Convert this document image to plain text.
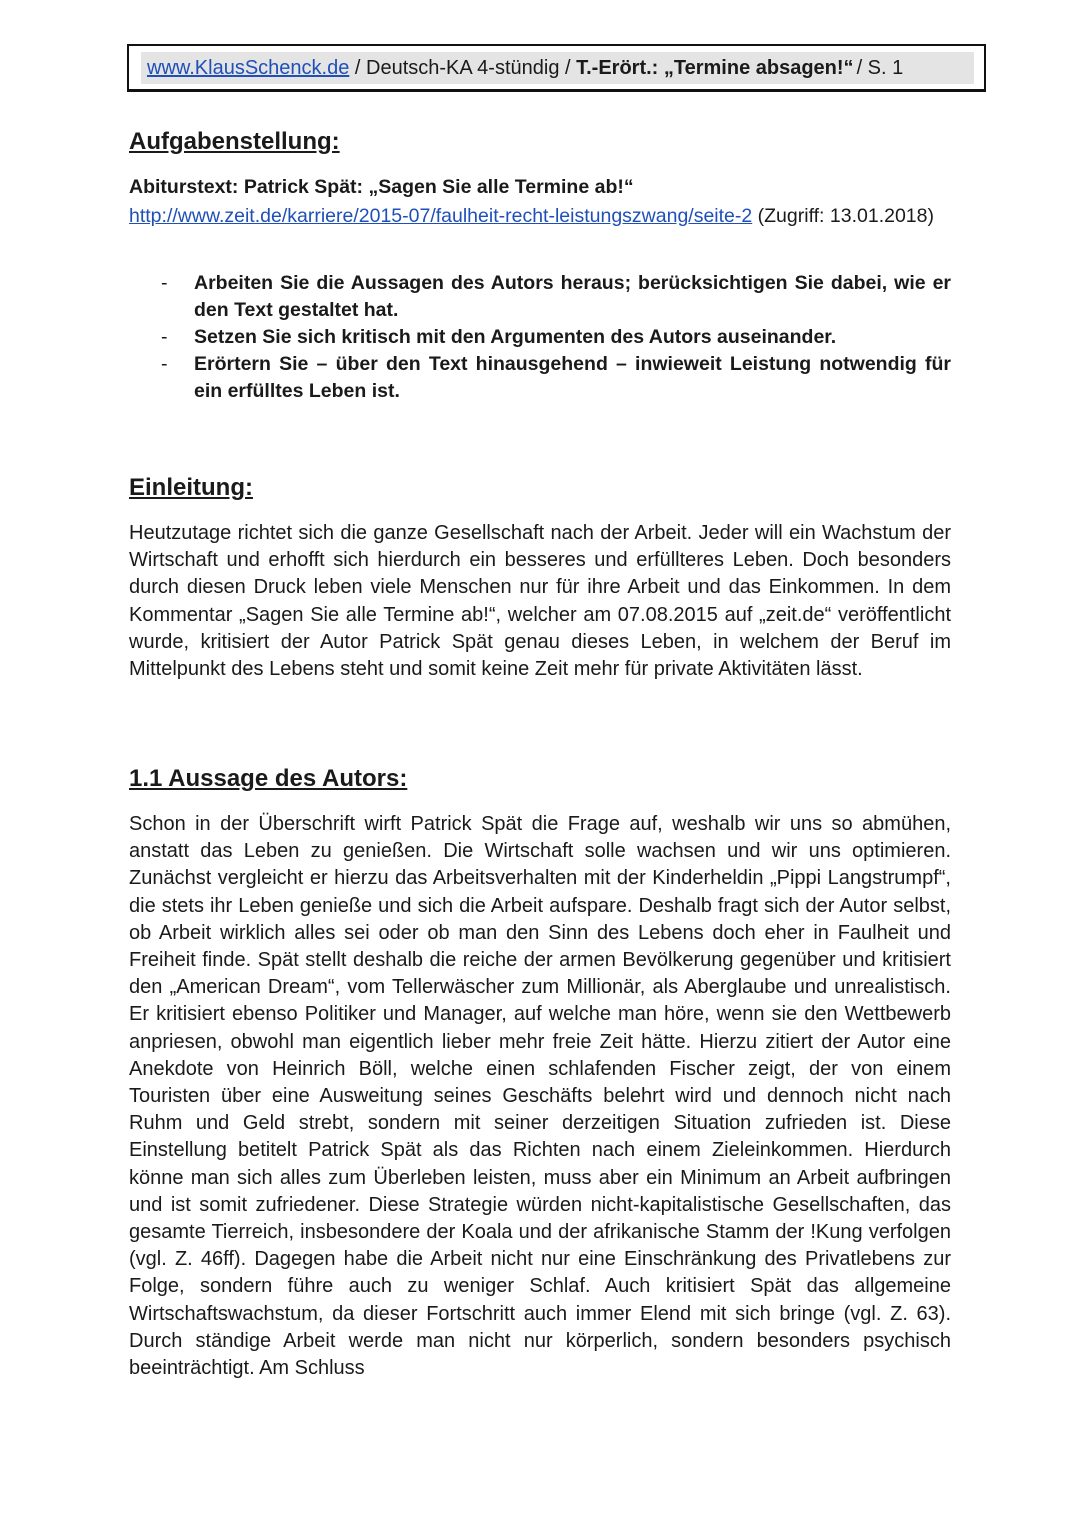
www.KlausSchenck.de / Deutsch-KA 4-stündig / T.-Erört.: „Termine absagen!“ / S. 1
Aufgabenstellung:
Abiturstext: Patrick Spät: „Sagen Sie alle Termine ab!“
http://www.zeit.de/karriere/2015-07/faulheit-recht-leistungszwang/seite-2 (Zugriff: 13.01.2018)
- Arbeiten Sie die Aussagen des Autors heraus; berücksichtigen Sie dabei, wie er den Text gestaltet hat.
- Setzen Sie sich kritisch mit den Argumenten des Autors auseinander.
- Erörtern Sie – über den Text hinausgehend – inwieweit Leistung notwendig für ein erfülltes Leben ist.
Einleitung:

Heutzutage richtet sich die ganze Gesellschaft nach der Arbeit. Jeder will ein Wachstum der Wirtschaft und erhofft sich hierdurch ein besseres und erfüllteres Leben. Doch besonders durch diesen Druck leben viele Menschen nur für ihre Arbeit und das Einkommen. In dem Kommentar „Sagen Sie alle Termine ab!“, welcher am 07.08.2015 auf „zeit.de“ veröffentlicht wurde, kritisiert der Autor Patrick Spät genau dieses Leben, in welchem der Beruf im Mittelpunkt des Lebens steht und somit keine Zeit mehr für private Aktivitäten lässt.

1.1 Aussage des Autors:

Schon in der Überschrift wirft Patrick Spät die Frage auf, weshalb wir uns so abmühen, anstatt das Leben zu genießen. Die Wirtschaft solle wachsen und wir uns optimieren. Zunächst vergleicht er hierzu das Arbeitsverhalten mit der Kinderheldin „Pippi Langstrumpf“, die stets ihr Leben genieße und sich die Arbeit aufspare. Deshalb fragt sich der Autor selbst, ob Arbeit wirklich alles sei oder ob man den Sinn des Lebens doch eher in Faulheit und Freiheit finde. Spät stellt deshalb die reiche der armen Bevölkerung gegenüber und kritisiert den „American Dream“, vom Tellerwäscher zum Millionär, als Aberglaube und unrealistisch. Er kritisiert ebenso Politiker und Manager, auf welche man höre, wenn sie den Wettbewerb anpriesen, obwohl man eigentlich lieber mehr freie Zeit hätte. Hierzu zitiert der Autor eine Anekdote von Heinrich Böll, welche einen schlafenden Fischer zeigt, der von einem Touristen über eine Ausweitung seines Geschäfts belehrt wird und dennoch nicht nach Ruhm und Geld strebt, sondern mit seiner derzeitigen Situation zufrieden ist. Diese Einstellung betitelt Patrick Spät als das Richten nach einem Zieleinkommen. Hierdurch könne man sich alles zum Überleben leisten, muss aber ein Minimum an Arbeit aufbringen und ist somit zufriedener. Diese Strategie würden nicht-kapitalistische Gesellschaften, das gesamte Tierreich, insbesondere der Koala und der afrikanische Stamm der !Kung verfolgen (vgl. Z. 46ff). Dagegen habe die Arbeit nicht nur eine Einschränkung des Privatlebens zur Folge, sondern führe auch zu weniger Schlaf. Auch kritisiert Spät das allgemeine Wirtschaftswachstum, da dieser Fortschritt auch immer Elend mit sich bringe (vgl. Z. 63). Durch ständige Arbeit werde man nicht nur körperlich, sondern besonders psychisch beeinträchtigt. Am Schluss
